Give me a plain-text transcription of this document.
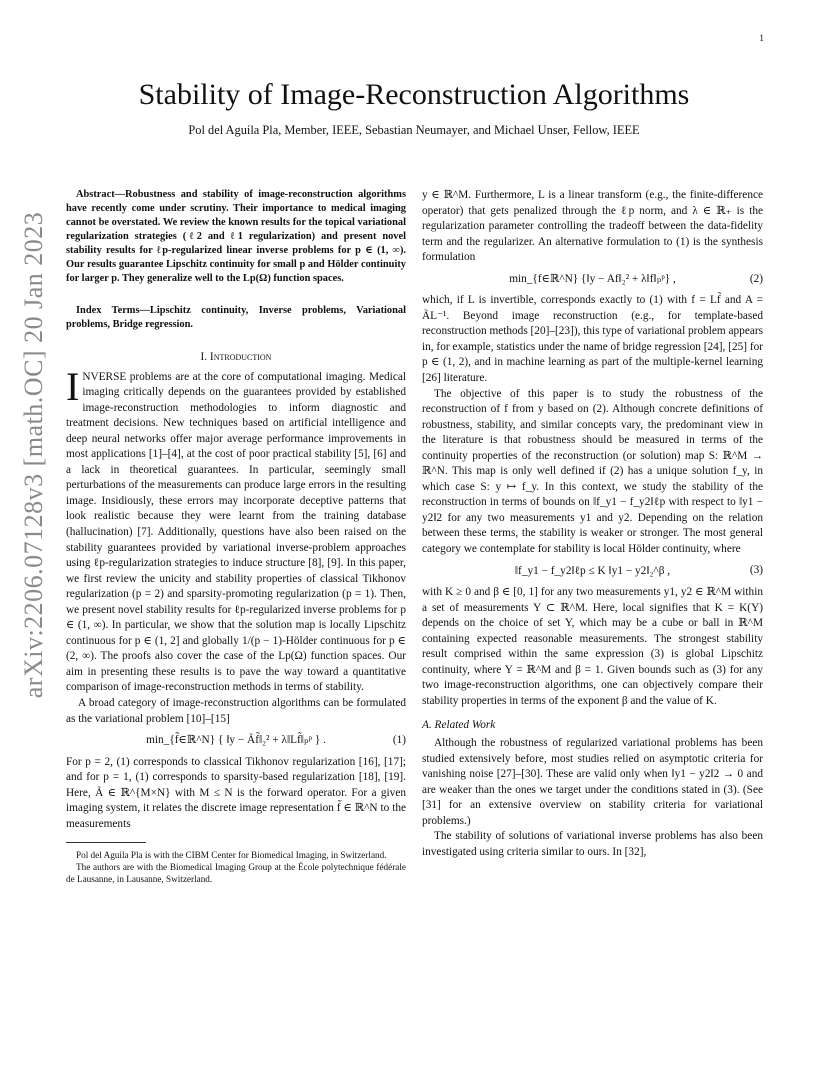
arXiv:2206.07128v3 [math.OC] 20 Jan 2023
1
Stability of Image-Reconstruction Algorithms
Pol del Aguila Pla, Member, IEEE, Sebastian Neumayer, and Michael Unser, Fellow, IEEE

Abstract—Robustness and stability of image-reconstruction algorithms have recently come under scrutiny. Their importance to medical imaging cannot be overstated. We review the known results for the topical variational regularization strategies (ℓ2 and ℓ1 regularization) and present novel stability results for ℓp-regularized linear inverse problems for p ∈ (1, ∞). Our results guarantee Lipschitz continuity for small p and Hölder continuity for larger p. They generalize well to the Lp(Ω) function spaces.

Index Terms—Lipschitz continuity, Inverse problems, Variational problems, Bridge regression.

I. Introduction

INVERSE problems are at the core of computational imaging. Medical imaging critically depends on the guarantees provided by established image-reconstruction methodologies to inform diagnostic and treatment decisions. New techniques based on artificial intelligence and deep neural networks offer major average performance improvements in most applications [1]–[4], at the cost of poor practical stability [5], [6] and a lack in theoretical guarantees. In particular, seemingly small perturbations of the measurements can produce large errors in the resulting image. Insidiously, these errors may incorporate deceptive patterns that look realistic because they were learnt from the training database (hallucination) [7]. Additionally, questions have also been raised on the stability guarantees provided by variational inverse-problem approaches using ℓp-regularization strategies to induce structure [8], [9]. In this paper, we first review the unicity and stability properties of classical Tikhonov regularization (p = 2) and sparsity-promoting regularization (p = 1). Then, we present novel stability results for ℓp-regularized inverse problems for p ∈ (1, ∞). In particular, we show that the solution map is locally Lipschitz continuous for p ∈ (1, 2] and globally 1/(p − 1)-Hölder continuous for p ∈ (2, ∞). The proofs also cover the case of the Lp(Ω) function spaces. Our aim in presenting these results is to pave the way toward a quantitative comparison of image-reconstruction methods in terms of stability.

A broad category of image-reconstruction algorithms can be formulated as the variational problem [10]–[15]

min_{f̃∈ℝ^N} { ‖y − Ãf̃‖₂² + λ‖Lf̃‖ₚᵖ } .	(1)

For p = 2, (1) corresponds to classical Tikhonov regularization [16], [17]; and for p = 1, (1) corresponds to sparsity-based regularization [18], [19]. Here, Ã ∈ ℝ^{M×N} with M ≤ N is the forward operator. For a given imaging system, it relates the discrete image representation f̃ ∈ ℝ^N to the measurements

Pol del Aguila Pla is with the CIBM Center for Biomedical Imaging, in Switzerland.

The authors are with the Biomedical Imaging Group at the École polytechnique fédérale de Lausanne, in Lausanne, Switzerland.

y ∈ ℝ^M. Furthermore, L is a linear transform (e.g., the finite-difference operator) that gets penalized through the ℓp norm, and λ ∈ ℝ₊ is the regularization parameter controlling the tradeoff between the data-fidelity term and the regularizer. An alternative formulation to (1) is the synthesis formulation

min_{f∈ℝ^N} {‖y − Af‖₂² + λ‖f‖ₚᵖ} ,	(2)

which, if L is invertible, corresponds exactly to (1) with f = Lf̃ and A = ÃL⁻¹. Beyond image reconstruction (e.g., for template-based reconstruction methods [20]–[23]), this type of variational problem appears in, for example, statistics under the name of bridge regression [24], [25] for p ∈ (1, 2), and in machine learning as part of the multiple-kernel learning [26] literature.

The objective of this paper is to study the robustness of the reconstruction of f from y based on (2). Although concrete definitions of robustness, stability, and similar concepts vary, the predominant view in the literature is that robustness should be measured in terms of the continuity properties of the reconstruction (or solution) map S: ℝ^M → ℝ^N. This map is only well defined if (2) has a unique solution f_y, in which case S: y ↦ f_y. In this context, we study the stability of the reconstruction in terms of bounds on ‖f_y1 − f_y2‖ℓp with respect to ‖y1 − y2‖2 for any two measurements y1 and y2. Depending on the relation between these terms, the stability is weaker or stronger. The most general category we contemplate for stability is local Hölder continuity, where

‖f_y1 − f_y2‖ℓp ≤ K ‖y1 − y2‖₂^β ,	(3)

with K ≥ 0 and β ∈ [0, 1] for any two measurements y1, y2 ∈ ℝ^M within a set of measurements Y ⊂ ℝ^M. Here, local signifies that K = K(Y) depends on the choice of set Y, which may be a cube or ball in ℝ^M containing expected reasonable measurements. The strongest stability result comprised within the same expression (3) is global Lipschitz continuity, where Y = ℝ^M and β = 1. Given bounds such as (3) for any two image-reconstruction algorithms, one can objectively compare their stability properties in terms of the exponent β and the value of K.

A. Related Work

Although the robustness of regularized variational problems has been studied extensively before, most studies relied on asymptotic criteria for vanishing noise [27]–[30]. These are valid only when ‖y1 − y2‖2 → 0 and are weaker than the ones we target under the conditions stated in (3). (See [31] for an extensive overview on stability criteria for variational problems.)

The stability of solutions of variational inverse problems has also been investigated using criteria similar to ours. In [32],
